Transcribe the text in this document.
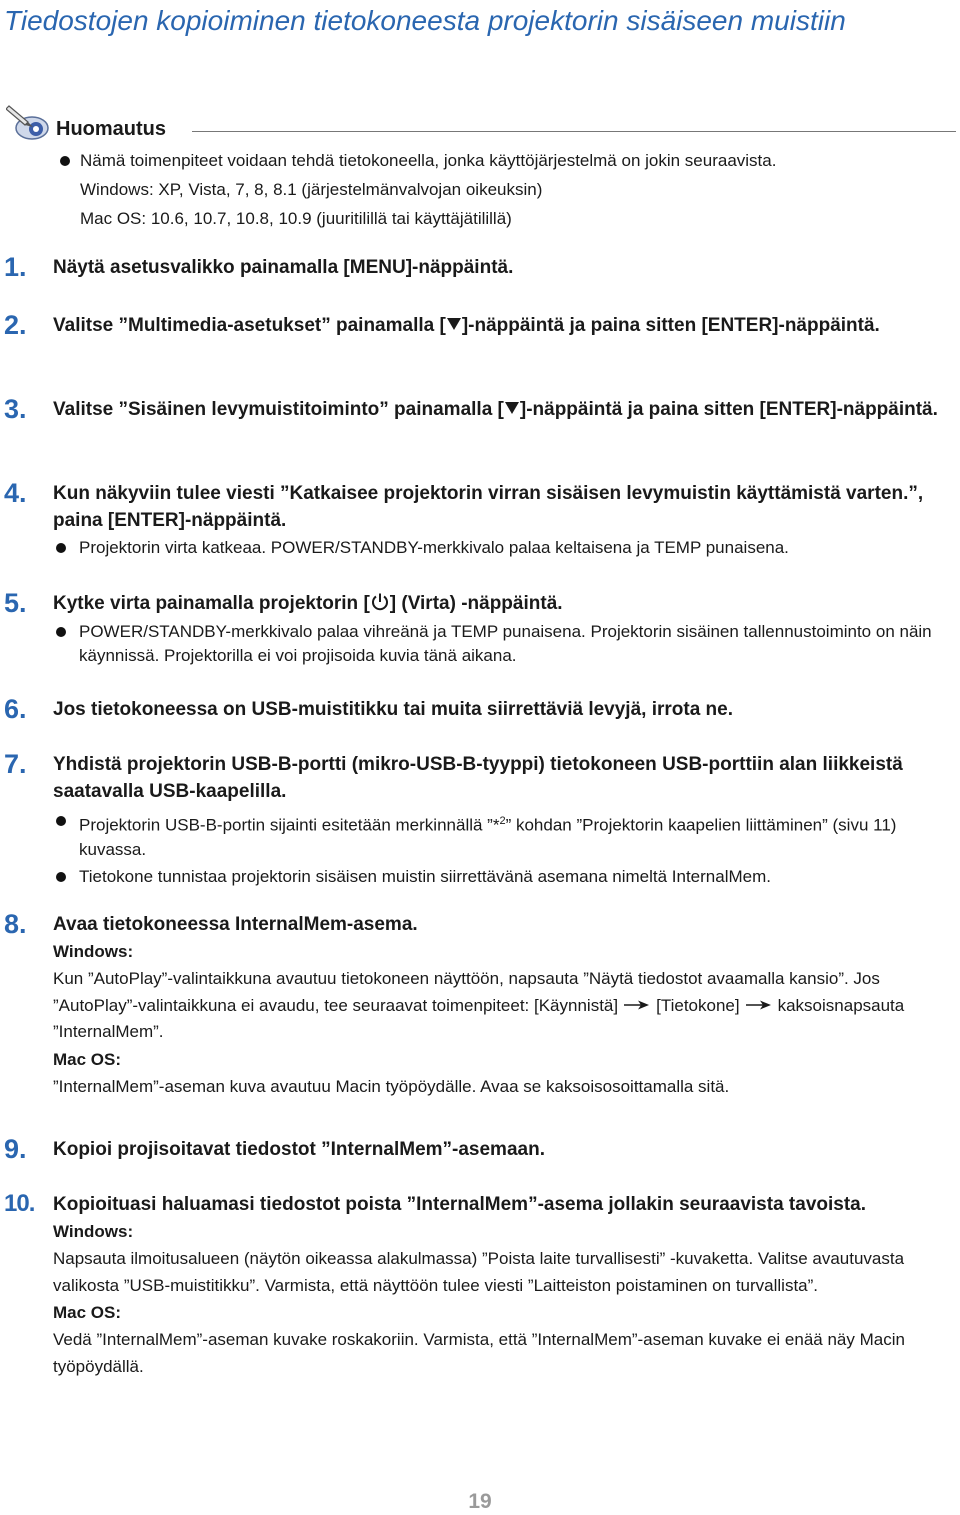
Tiedostojen kopioiminen tietokoneesta projektorin sisäiseen muistiin
Huomautus
Nämä toimenpiteet voidaan tehdä tietokoneella, jonka käyttöjärjestelmä on jokin seuraavista.
Windows: XP, Vista, 7, 8, 8.1 (järjestelmänvalvojan oikeuksin)
Mac OS: 10.6, 10.7, 10.8, 10.9 (juuritilillä tai käyttäjätilillä)
1.	Näytä asetusvalikko painamalla [MENU]-näppäintä.
2.	Valitse ”Multimedia-asetukset” painamalla [ ]-näppäintä ja paina sitten [ENTER]-näppäintä.
3.	Valitse ”Sisäinen levymuistitoiminto” painamalla [ ]-näppäintä ja paina sitten [ENTER]-näppäintä.
4.	Kun näkyviin tulee viesti ”Katkaisee projektorin virran sisäisen levymuistin käyttämistä varten.”, paina [ENTER]-näppäintä.
Projektorin virta katkeaa. POWER/STANDBY-merkkivalo palaa keltaisena ja TEMP punaisena.
5.	Kytke virta painamalla projektorin [ ] (Virta) -näppäintä.
POWER/STANDBY-merkkivalo palaa vihreänä ja TEMP punaisena. Projektorin sisäinen tallennustoiminto on näin käynnissä. Projektorilla ei voi projisoida kuvia tänä aikana.
6.	Jos tietokoneessa on USB-muistitikku tai muita siirrettäviä levyjä, irrota ne.
7.	Yhdistä projektorin USB-B-portti (mikro-USB-B-tyyppi) tietokoneen USB-porttiin alan liikkeistä saatavalla USB-kaapelilla.
Projektorin USB-B-portin sijainti esitetään merkinnällä ”*$^2$” kohdan ”Projektorin kaapelien liittäminen” (sivu 11) kuvassa.
Tietokone tunnistaa projektorin sisäisen muistin siirrettävänä asemana nimeltä InternalMem.
8.	Avaa tietokoneessa InternalMem-asema.
Windows:
Kun ”AutoPlay”-valintaikkuna avautuu tietokoneen näyttöön, napsauta ”Näytä tiedostot avaamalla kansio”. Jos ”AutoPlay”-valintaikkuna ei avaudu, tee seuraavat toimenpiteet: [Käynnistä] [Tietokone] kaksoisnapsauta ”InternalMem”.
Mac OS:
”InternalMem”-aseman kuva avautuu Macin työpöydälle. Avaa se kaksoisosoittamalla sitä.
9.	Kopioi projisoitavat tiedostot ”InternalMem”-asemaan.
10. Kopioituasi haluamasi tiedostot poista ”InternalMem”-asema jollakin seuraavista tavoista.
Windows:
Napsauta ilmoitusalueen (näytön oikeassa alakulmassa) ”Poista laite turvallisesti” -kuvaketta. Valitse avautuvasta valikosta ”USB-muistitikku”. Varmista, että näyttöön tulee viesti ”Laitteiston poistaminen on turvallista”.
Mac OS:
Vedä ”InternalMem”-aseman kuvake roskakoriin. Varmista, että ”InternalMem”-aseman kuvake ei enää näy Macin työpöydällä.
19
